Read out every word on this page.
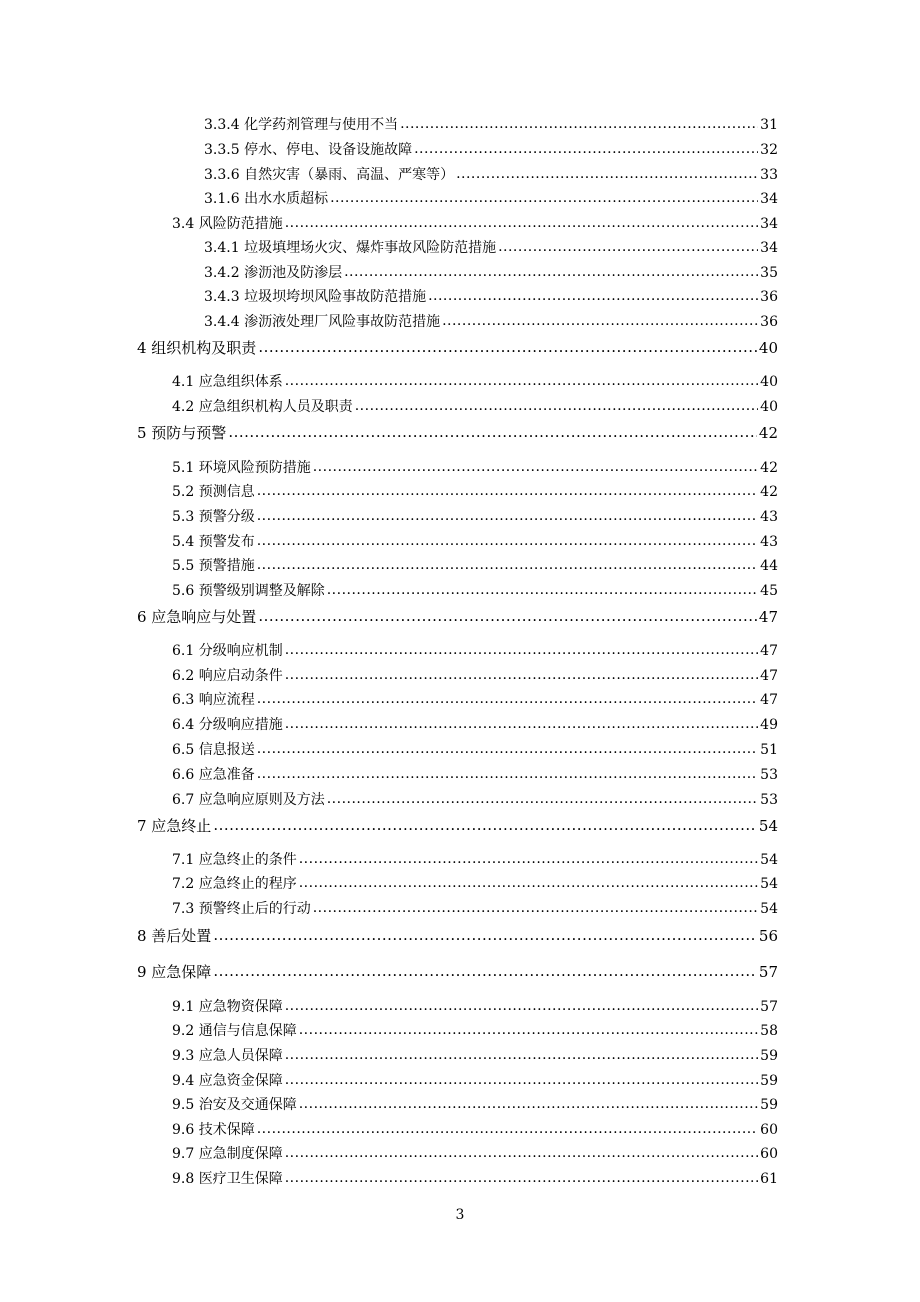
3.3.4 化学药剂管理与使用不当 .....	31
3.3.5 停水、停电、设备设施故障 .....	32
3.3.6 自然灾害（暴雨、高温、严寒等） .....	33
3.1.6 出水水质超标 .....	34
3.4 风险防范措施 .....	34
3.4.1 垃圾填埋场火灾、爆炸事故风险防范措施 .....	34
3.4.2 渗沥池及防渗层 .....	35
3.4.3 垃圾坝垮坝风险事故防范措施 .....	36
3.4.4 渗沥液处理厂风险事故防范措施 .....	36
4 组织机构及职责 .....	40
4.1 应急组织体系 .....	40
4.2 应急组织机构人员及职责 .....	40
5 预防与预警 .....	42
5.1 环境风险预防措施 .....	42
5.2 预测信息 .....	42
5.3 预警分级 .....	43
5.4 预警发布 .....	43
5.5 预警措施 .....	44
5.6 预警级别调整及解除 .....	45
6 应急响应与处置 .....	47
6.1 分级响应机制 .....	47
6.2 响应启动条件 .....	47
6.3 响应流程 .....	47
6.4 分级响应措施 .....	49
6.5 信息报送 .....	51
6.6 应急准备 .....	53
6.7 应急响应原则及方法 .....	53
7 应急终止 .....	54
7.1 应急终止的条件 .....	54
7.2 应急终止的程序 .....	54
7.3 预警终止后的行动 .....	54
8 善后处置 .....	56
9 应急保障 .....	57
9.1 应急物资保障 .....	57
9.2 通信与信息保障 .....	58
9.3 应急人员保障 .....	59
9.4 应急资金保障 .....	59
9.5 治安及交通保障 .....	59
9.6 技术保障 .....	60
9.7 应急制度保障 .....	60
9.8 医疗卫生保障 .....	61
3
